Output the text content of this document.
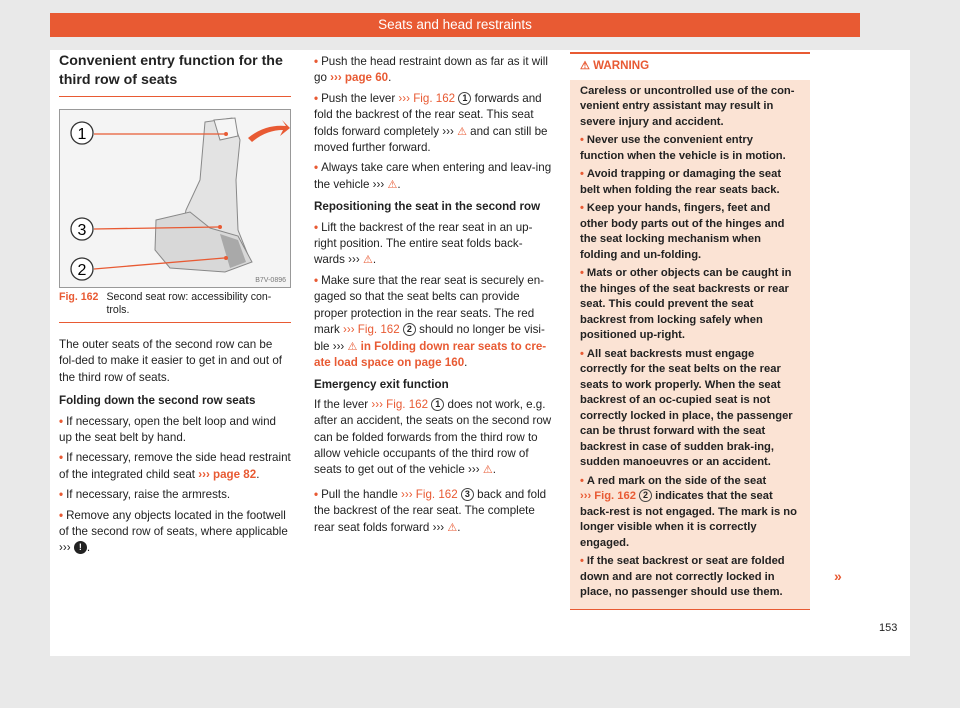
Seats and head restraints
Convenient entry function for the third row of seats
1
3
2
B7V-0896
Fig. 162 Second seat row: accessibility con-trols.

The outer seats of the second row can be fol-ded to make it easier to get in and out of the third row of seats.

Folding down the second row seats

• If necessary, open the belt loop and wind up the seat belt by hand.

• If necessary, remove the side head restraint of the integrated child seat ››› page 82.

• If necessary, raise the armrests.

• Remove any objects located in the footwell of the second row of seats, where applicable
››› ! .

• Push the head restraint down as far as it will go ››› page 60.

• Push the lever ››› Fig. 162 1 forwards and fold the backrest of the rear seat. This seat folds forward completely ››› ⚠ and can still be moved further forward.

• Always take care when entering and leav-ing the vehicle ››› ⚠.

Repositioning the seat in the second row

• Lift the backrest of the rear seat in an up-right position. The entire seat folds back-wards ››› ⚠.

• Make sure that the rear seat is securely en-gaged so that the seat belts can provide proper protection in the rear seats. The red mark ››› Fig. 162 2 should no longer be visi-ble ››› ⚠ in Folding down rear seats to cre-ate load space on page 160.

Emergency exit function

If the lever ››› Fig. 162 1 does not work, e.g. after an accident, the seats on the second row can be folded forwards from the third row to allow vehicle occupants of the third row of seats to get out of the vehicle ››› ⚠.

• Pull the handle ››› Fig. 162 3 back and fold the backrest of the rear seat. The complete rear seat folds forward ››› ⚠.

⚠ WARNING

Careless or uncontrolled use of the con-venient entry assistant may result in severe injury and accident.

• Never use the convenient entry function when the vehicle is in motion.

• Avoid trapping or damaging the seat belt when folding the rear seats back.

• Keep your hands, fingers, feet and other body parts out of the hinges and the seat locking mechanism when folding and un-folding.

• Mats or other objects can be caught in the hinges of the seat backrests or rear seat. This could prevent the seat backrest from locking safely when positioned up-right.

• All seat backrests must engage correctly for the seat belts on the rear seats to work properly. When the seat backrest of an oc-cupied seat is not correctly locked in place, the passenger can be thrust forward with the seat backrest in case of sudden brak-ing, sudden manoeuvres or an accident.

• A red mark on the side of the seat
››› Fig. 162 2 indicates that the seat back-rest is not engaged. The mark is no longer visible when it is correctly engaged.

• If the seat backrest or seat are folded down and are not correctly locked in place, no passenger should use them.

»
153
